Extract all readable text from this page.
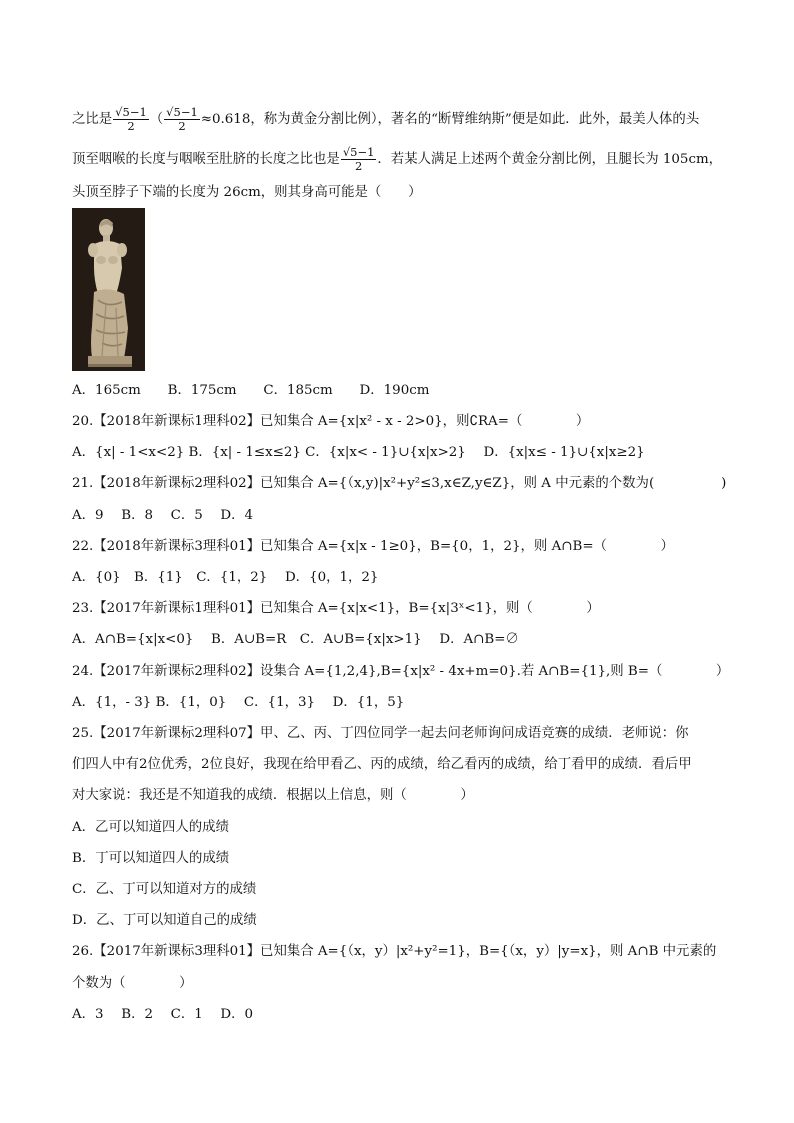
之比是 $\frac{√5-1}{2}$ （ $\frac{√5-1}{2} \approx 0.618$，称为黄金分割比例），著名的“断臂维纳斯”便是如此．此外，最美人体的头
顶至咽喉的长度与咽喉至肚脐的长度之比也是 $\frac{√5-1}{2}$ ．若某人满足上述两个黄金分割比例，且腿长为 105cm，
头顶至脖子下端的长度为 26cm，则其身高可能是（　　）
A．165cm　　B．175cm　　C．185cm　　D．190cm
20.【2018年新课标1理科02】已知集合 A={x|x² - x - 2>0}，则∁RA=（　　　　）
A．{x| - 1<x<2} B．{x| - 1≤x≤2} C．{x|x< - 1}∪{x|x>2}　 D．{x|x≤ - 1}∪{x|x≥2}
21.【2018年新课标2理科02】已知集合 A={（x,y)|x²+y²≤3,x∈Z,y∈Z}，则 A 中元素的个数为(　　　　　)
A．9　 B．8　 C．5　 D．4
22.【2018年新课标3理科01】已知集合 A={x|x - 1≥0}，B={0，1，2}，则 A∩B=（　　　　）
A．{0}　B．{1}　C．{1，2}　 D．{0，1，2}
23.【2017年新课标1理科01】已知集合 A={x|x<1}，B={x|3ˣ<1}，则（　　　　）
A．A∩B={x|x<0}　 B．A∪B=R　C．A∪B={x|x>1}　 D．A∩B=∅
24.【2017年新课标2理科02】设集合 A={1,2,4},B={x|x² - 4x+m=0}.若 A∩B={1},则 B=（　　　　）
A．{1，- 3} B．{1，0}　 C．{1，3}　 D．{1，5}
25.【2017年新课标2理科07】甲、乙、丙、丁四位同学一起去问老师询问成语竞赛的成绩．老师说：你
们四人中有2位优秀，2位良好，我现在给甲看乙、丙的成绩，给乙看丙的成绩，给丁看甲的成绩．看后甲
对大家说：我还是不知道我的成绩．根据以上信息，则（　　　　）
A．乙可以知道四人的成绩
B．丁可以知道四人的成绩
C．乙、丁可以知道对方的成绩
D．乙、丁可以知道自己的成绩
26.【2017年新课标3理科01】已知集合 A={（x，y）|x²+y²=1}，B={（x，y）|y=x}，则 A∩B 中元素的
个数为（　　　　）
A．3　 B．2　 C．1　 D．0
